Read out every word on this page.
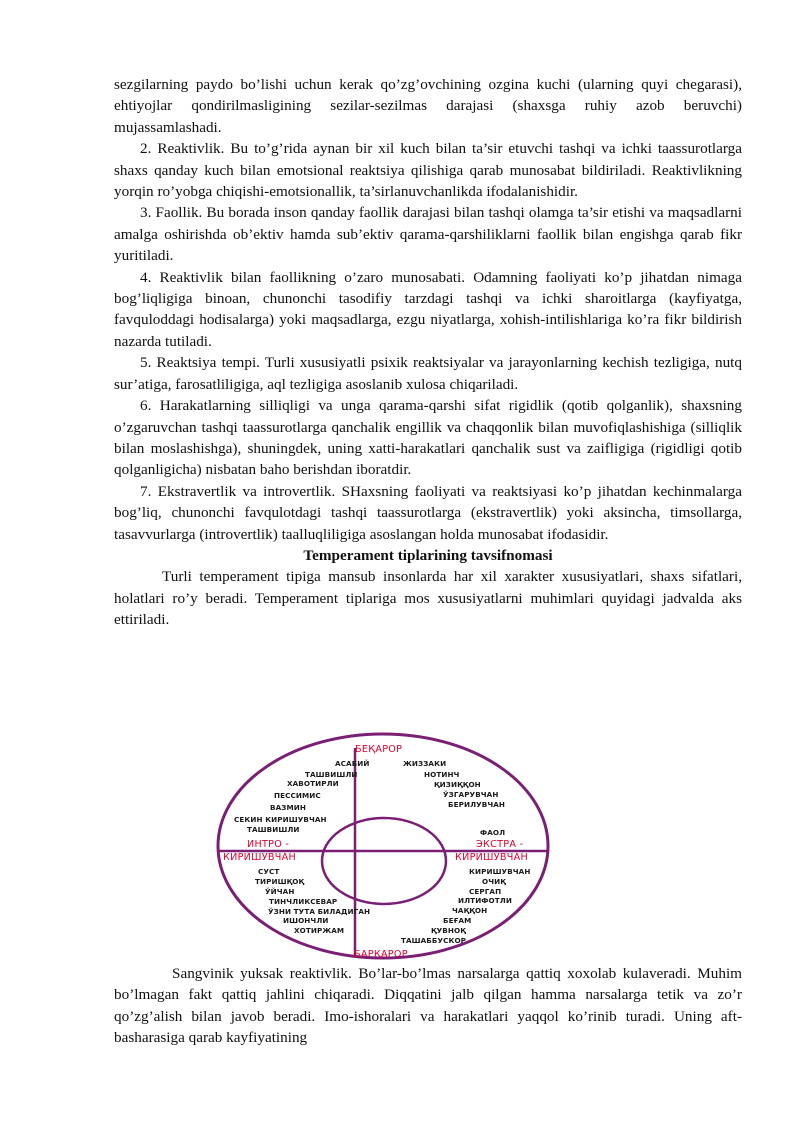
sezgilarning paydo bo’lishi uchun kerak qo’zg’ovchining ozgina kuchi (ularning quyi chegarasi), ehtiyojlar qondirilmasligining sezilar-sezilmas darajasi (shaxsga ruhiy azob beruvchi) mujassamlashadi.

2. Reaktivlik. Bu to’g’rida aynan bir xil kuch bilan ta’sir etuvchi tashqi va ichki taassurotlarga shaxs qanday kuch bilan emotsional reaktsiya qilishiga qarab munosabat bildiriladi. Reaktivlikning yorqin ro’yobga chiqishi-emotsionallik, ta’sirlanuvchanlikda ifodalanishidir.

3. Faollik. Bu borada inson qanday faollik darajasi bilan tashqi olamga ta’sir etishi va maqsadlarni amalga oshirishda ob’ektiv hamda sub’ektiv qarama-qarshiliklarni faollik bilan engishga qarab fikr yuritiladi.

4. Reaktivlik bilan faollikning o’zaro munosabati. Odamning faoliyati ko’p jihatdan nimaga bog’liqligiga binoan, chunonchi tasodifiy tarzdagi tashqi va ichki sharoitlarga (kayfiyatga, favquloddagi hodisalarga) yoki maqsadlarga, ezgu niyatlarga, xohish-intilishlariga ko’ra fikr bildirish nazarda tutiladi.

5. Reaktsiya tempi. Turli xususiyatli psixik reaktsiyalar va jarayonlarning kechish tezligiga, nutq sur’atiga, farosatliligiga, aql tezligiga asoslanib xulosa chiqariladi.

6. Harakatlarning silliqligi va unga qarama-qarshi sifat rigidlik (qotib qolganlik), shaxsning o’zgaruvchan tashqi taassurotlarga qanchalik engillik va chaqqonlik bilan muvofiqlashishiga (silliqlik bilan moslashishga), shuningdek, uning xatti-harakatlari qanchalik sust va zaifligiga (rigidligi qotib qolganligicha) nisbatan baho berishdan iboratdir.

7. Ekstravertlik va introvertlik. SHaxsning faoliyati va reaktsiyasi ko’p jihatdan kechinmalarga bog’liq, chunonchi favqulotdagi tashqi taassurotlarga (ekstravertlik) yoki aksincha, timsollarga, tasavvurlarga (introvertlik) taalluqliligiga asoslangan holda munosabat ifodasidir.

Temperament tiplarining tavsifnomasi

Turli temperament tipiga mansub insonlarda har xil xarakter xususiyatlari, shaxs sifatlari, holatlari ro’y beradi. Temperament tiplariga mos xususiyatlarni muhimlari quyidagi jadvalda aks ettiriladi.

БЕҚАРОР
БАРҚАРОР
ИНТРО -
КИРИШУВЧАН
ЭКСТРА -
КИРИШУВЧАН
АСАБИЙ
ТАШВИШЛИ
ХАВОТИРЛИ
ПЕССИМИС
ВАЗМИН
СЕКИН КИРИШУВЧАН
ТАШВИШЛИ
ЖИЗЗАКИ
НОТИНЧ
ҚИЗИҚҚОН
ЎЗГАРУВЧАН
БЕРИЛУВЧАН
ФАОЛ
СУСТ
ТИРИШҚОҚ
ЎЙЧАН
ТИНЧЛИКСЕВАР
ЎЗНИ ТУТА БИЛАДИГАН
ИШОНЧЛИ
ХОТИРЖАМ
КИРИШУВЧАН
ОЧИҚ
СЕРГАП
ИЛТИФОТЛИ
ЧАҚҚОН
БЕҒАМ
ҚУВНОҚ
ТАШАББУСКОР

Sangvinik yuksak reaktivlik. Bo’lar-bo’lmas narsalarga qattiq xoxolab kulaveradi. Muhim bo’lmagan fakt qattiq jahlini chiqaradi. Diqqatini jalb qilgan hamma narsalarga tetik va zo’r qo’zg’alish bilan javob beradi. Imo-ishoralari va harakatlari yaqqol ko’rinib turadi. Uning aft-basharasiga qarab kayfiyatining
